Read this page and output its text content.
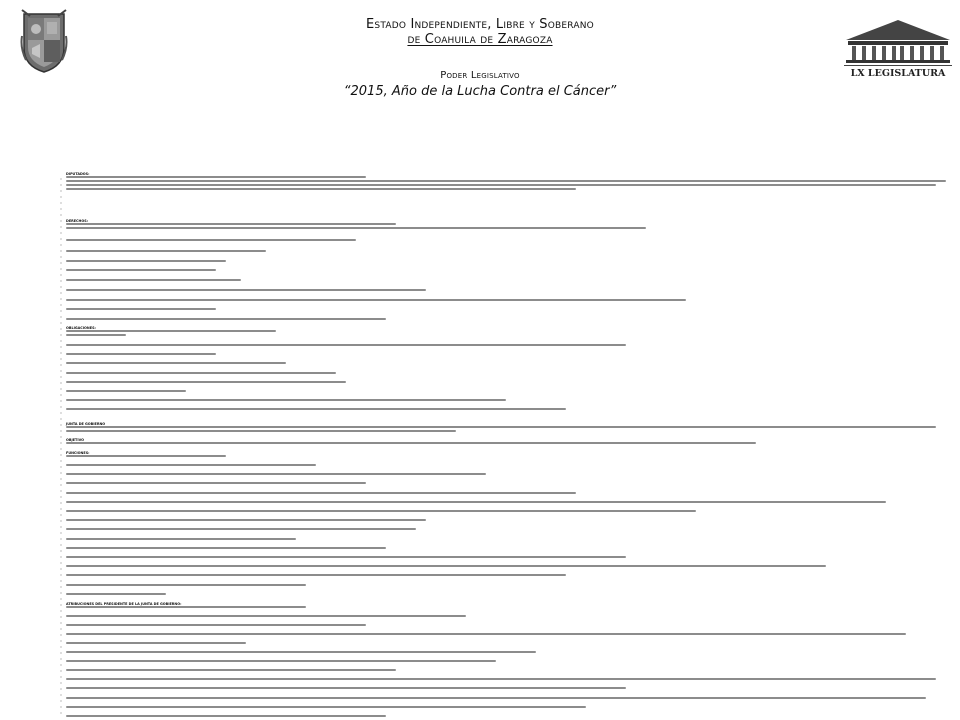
Estado Independiente, Libre y Soberano
de Coahuila de Zaragoza
Poder Legislativo
“2015, Año de la Lucha Contra el Cáncer”
LX LEGISLATURA
DIPUTADOS:
DERECHOS:
OBLIGACIONES:
JUNTA DE GOBIERNO
OBJETIVO
FUNCIONES:
ATRIBUCIONES DEL PRESIDENTE DE LA JUNTA DE GOBIERNO:
